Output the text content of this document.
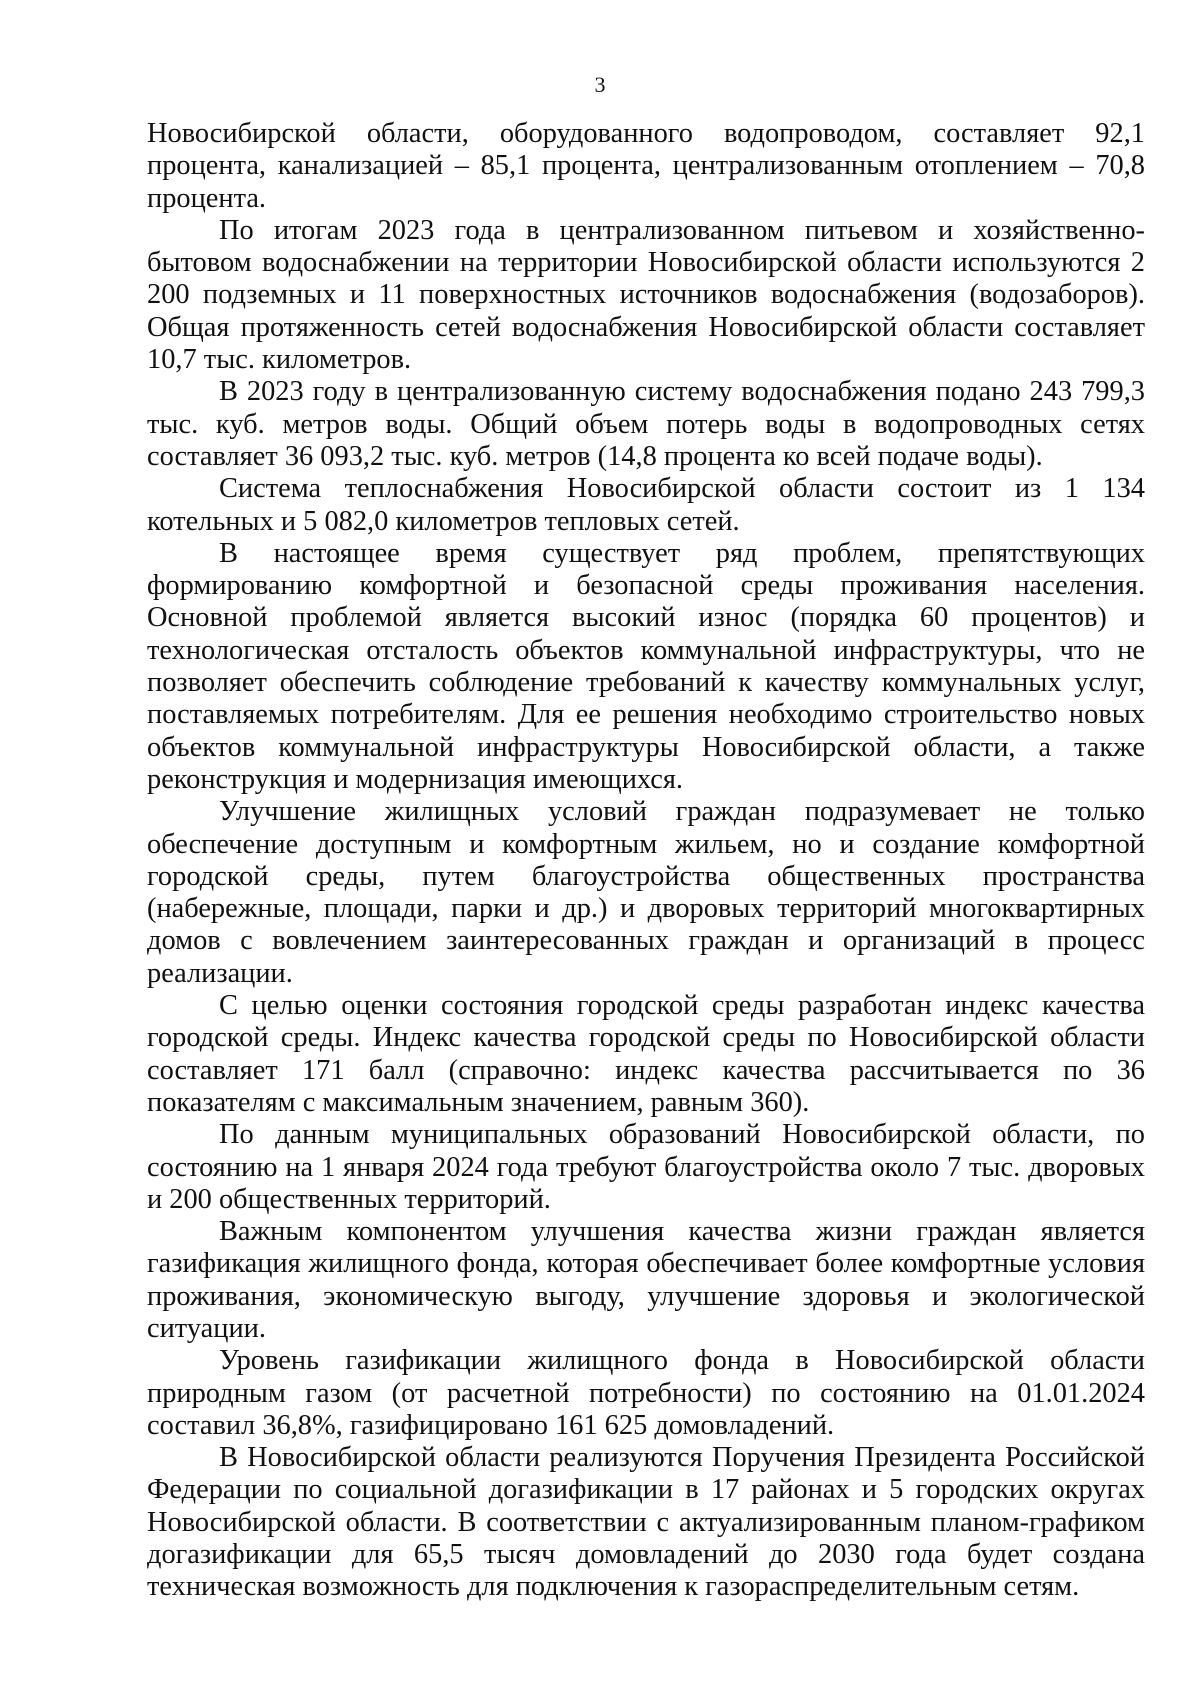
3

Новосибирской области, оборудованного водопроводом, составляет 92,1 процента, канализацией – 85,1 процента, централизованным отоплением – 70,8 процента.

По итогам 2023 года в централизованном питьевом и хозяйственно-бытовом водоснабжении на территории Новосибирской области используются 2 200 подземных и 11 поверхностных источников водоснабжения (водозаборов). Общая протяженность сетей водоснабжения Новосибирской области составляет 10,7 тыс. километров.

В 2023 году в централизованную систему водоснабжения подано 243 799,3 тыс. куб. метров воды. Общий объем потерь воды в водопроводных сетях составляет 36 093,2 тыс. куб. метров (14,8 процента ко всей подаче воды).

Система теплоснабжения Новосибирской области состоит из 1 134 котельных и 5 082,0 километров тепловых сетей.

В настоящее время существует ряд проблем, препятствующих формированию комфортной и безопасной среды проживания населения. Основной проблемой является высокий износ (порядка 60 процентов) и технологическая отсталость объектов коммунальной инфраструктуры, что не позволяет обеспечить соблюдение требований к качеству коммунальных услуг, поставляемых потребителям. Для ее решения необходимо строительство новых объектов коммунальной инфраструктуры Новосибирской области, а также реконструкция и модернизация имеющихся.

Улучшение жилищных условий граждан подразумевает не только обеспечение доступным и комфортным жильем, но и создание комфортной городской среды, путем благоустройства общественных пространства (набережные, площади, парки и др.) и дворовых территорий многоквартирных домов с вовлечением заинтересованных граждан и организаций в процесс реализации.

С целью оценки состояния городской среды разработан индекс качества городской среды. Индекс качества городской среды по Новосибирской области составляет 171 балл (справочно: индекс качества рассчитывается по 36 показателям с максимальным значением, равным 360).

По данным муниципальных образований Новосибирской области, по состоянию на 1 января 2024 года требуют благоустройства около 7 тыс. дворовых и 200 общественных территорий.

Важным компонентом улучшения качества жизни граждан является газификация жилищного фонда, которая обеспечивает более комфортные условия проживания, экономическую выгоду, улучшение здоровья и экологической ситуации.

Уровень газификации жилищного фонда в Новосибирской области природным газом (от расчетной потребности) по состоянию на 01.01.2024 составил 36,8%, газифицировано 161 625 домовладений.

В Новосибирской области реализуются Поручения Президента Российской Федерации по социальной догазификации в 17 районах и 5 городских округах Новосибирской области. В соответствии с актуализированным планом-графиком догазификации для 65,5 тысяч домовладений до 2030 года будет создана техническая возможность для подключения к газораспределительным сетям.
